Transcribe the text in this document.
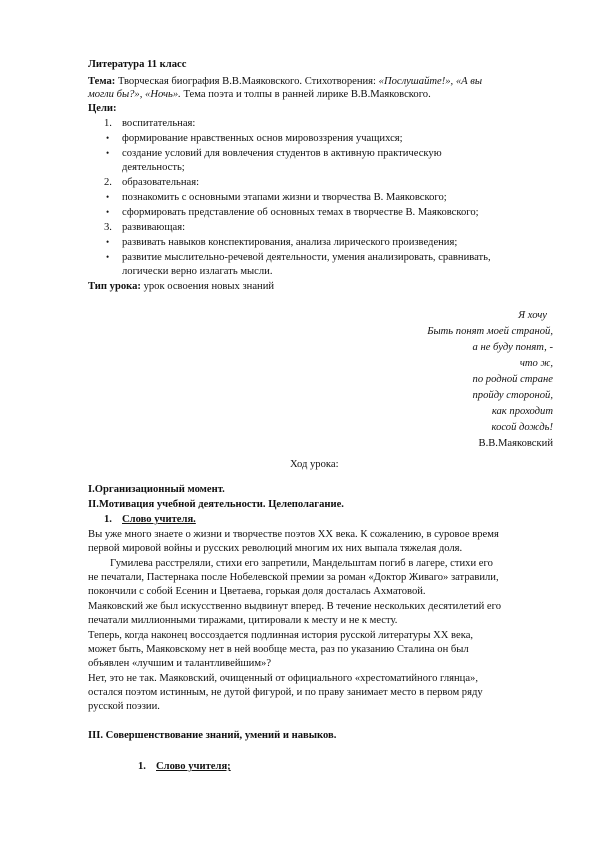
Литература 11 класс
Тема: Творческая биография В.В.Маяковского. Стихотворения: «Послушайте!», «А вы
могли бы?», «Ночь». Тема поэта и толпы в ранней лирике В.В.Маяковского.
Цели:
1. воспитательная:
• формирование нравственных основ мировоззрения учащихся;
• создание условий для вовлечения студентов в активную практическую
деятельность;
2. образовательная:
• познакомить с основными этапами жизни и творчества В. Маяковского;
• сформировать представление об основных темах в творчестве В. Маяковского;
3. развивающая:
• развивать навыков конспектирования, анализа лирического произведения;
• развитие мыслительно-речевой деятельности, умения анализировать, сравнивать,
логически верно излагать мысли.
Тип урока: урок освоения новых знаний
Я хочу
Быть понят моей страной,
а не буду понят, -
что ж,
по родной стране
пройду стороной,
как проходит
косой дождь!
В.В.Маяковский
Ход урока:
I.Организационный момент.
II.Мотивация учебной деятельности. Целеполагание.
1. Слово учителя.
Вы уже много знаете о жизни и творчестве поэтов XX века. К сожалению, в суровое время
первой мировой войны и русских революций многим их них выпала тяжелая доля.
Гумилева расстреляли, стихи его запретили, Мандельштам погиб в лагере, стихи его
не печатали, Пастернака после Нобелевской премии за роман «Доктор Живаго» затравили,
покончили с собой Есенин и Цветаева, горькая доля досталась Ахматовой.
Маяковский же был искусственно выдвинут вперед. В течение нескольких десятилетий его
печатали миллионными тиражами, цитировали к месту и не к месту.
Теперь, когда наконец воссоздается подлинная история русской литературы XX века,
может быть, Маяковскому нет в ней вообще места, раз по указанию Сталина он был
объявлен «лучшим и талантливейшим»?
Нет, это не так. Маяковский, очищенный от официального «хрестоматийного глянца»,
остался поэтом истинным, не дутой фигурой, и по праву занимает место в первом ряду
русской поэзии.
III. Совершенствование знаний, умений и навыков.
1. Слово учителя;
